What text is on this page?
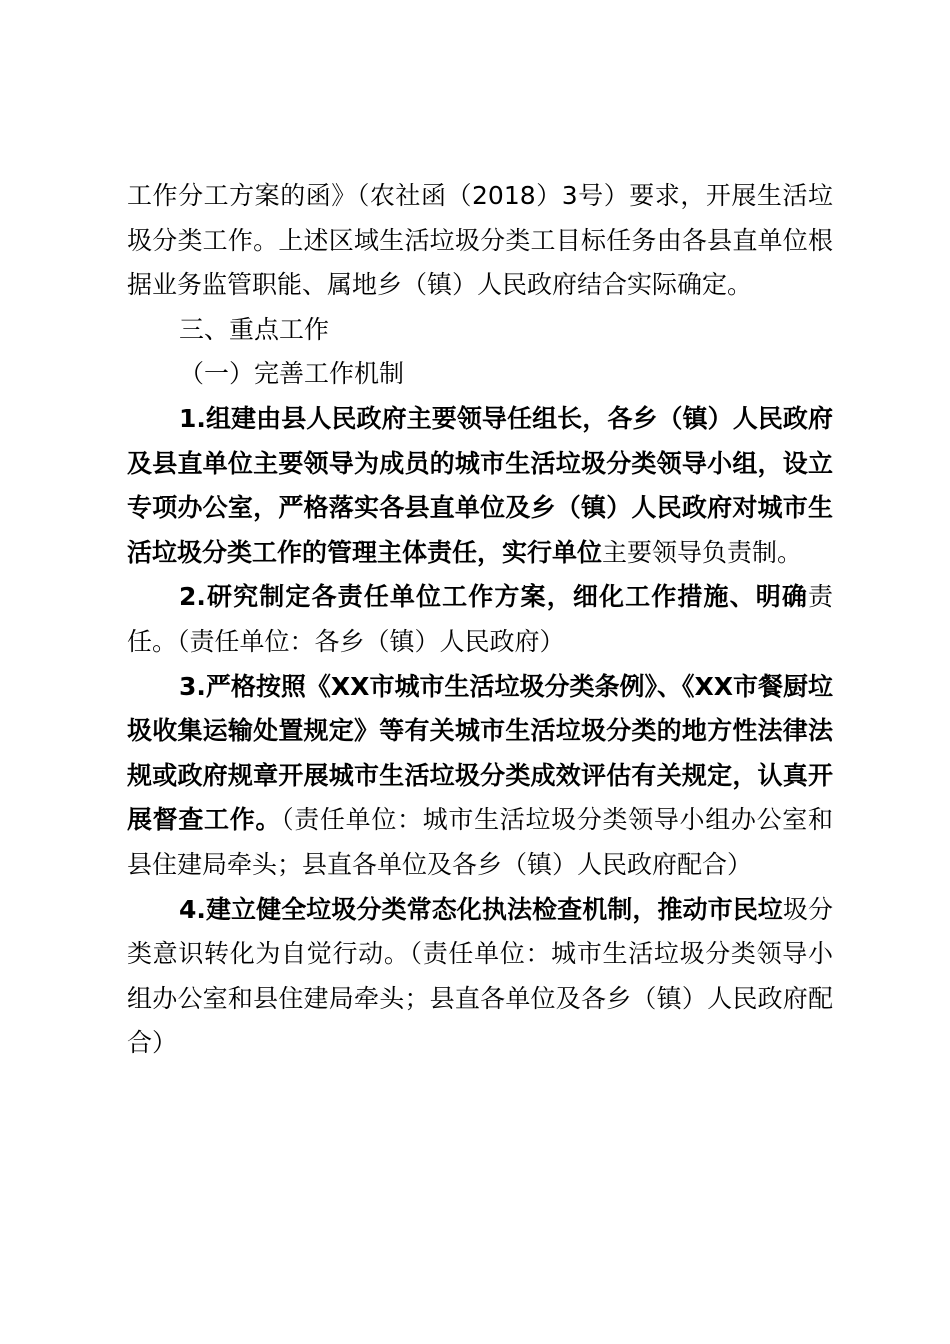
工作分工方案的函》（农社函（2018）3号）要求，开展生活垃圾分类工作。上述区域生活垃圾分类工目标任务由各县直单位根据业务监管职能、属地乡（镇）人民政府结合实际确定。

三、重点工作

（一）完善工作机制

1.组建由县人民政府主要领导任组长，各乡（镇）人民政府及县直单位主要领导为成员的城市生活垃圾分类领导小组，设立专项办公室，严格落实各县直单位及乡（镇）人民政府对城市生活垃圾分类工作的管理主体责任，实行单位主要领导负责制。

2.研究制定各责任单位工作方案，细化工作措施、明确责任。（责任单位：各乡（镇）人民政府）

3.严格按照《XX市城市生活垃圾分类条例》、《XX市餐厨垃圾收集运输处置规定》等有关城市生活垃圾分类的地方性法律法规或政府规章开展城市生活垃圾分类成效评估有关规定，认真开展督查工作。（责任单位：城市生活垃圾分类领导小组办公室和县住建局牵头；县直各单位及各乡（镇）人民政府配合）

4.建立健全垃圾分类常态化执法检查机制，推动市民垃圾分类意识转化为自觉行动。（责任单位：城市生活垃圾分类领导小组办公室和县住建局牵头；县直各单位及各乡（镇）人民政府配合）
